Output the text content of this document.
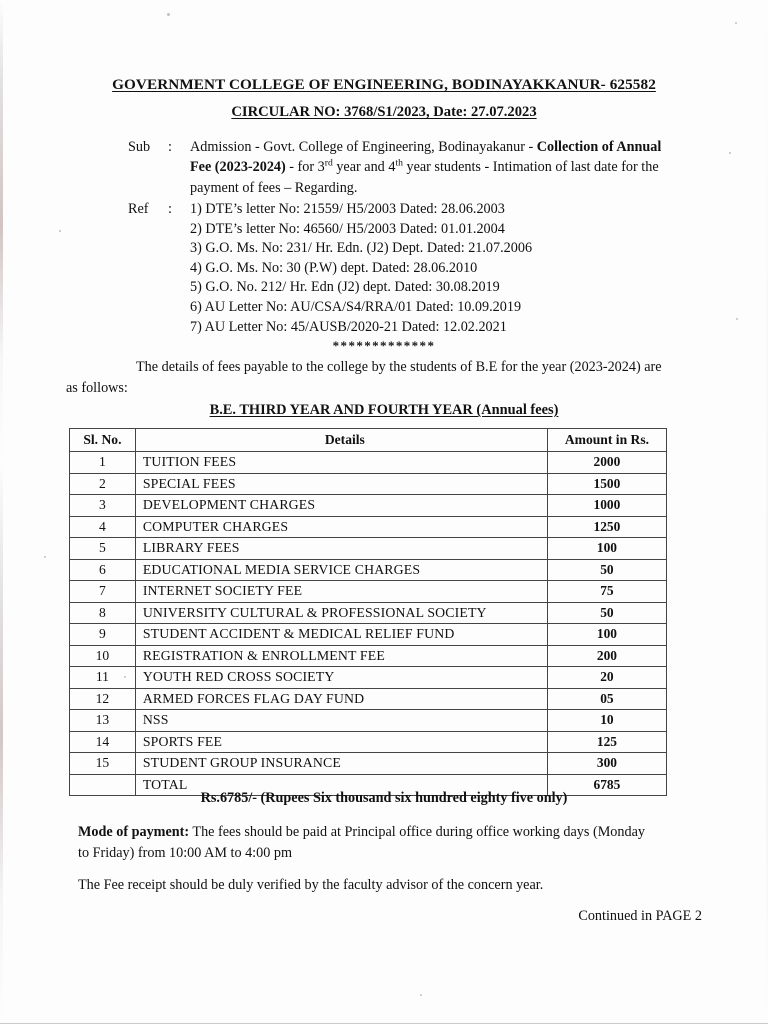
GOVERNMENT COLLEGE OF ENGINEERING, BODINAYAKKANUR- 625582
CIRCULAR NO: 3768/S1/2023, Date: 27.07.2023
Sub	:	Admission - Govt. College of Engineering, Bodinayakanur - Collection of Annual Fee (2023-2024) - for 3rd year and 4th year students - Intimation of last date for the payment of fees – Regarding.
Ref	:	1) DTE’s letter No: 21559/ H5/2003 Dated: 28.06.2003
2) DTE’s letter No: 46560/ H5/2003 Dated: 01.01.2004
3) G.O. Ms. No: 231/ Hr. Edn. (J2) Dept. Dated: 21.07.2006
4) G.O. Ms. No: 30 (P.W) dept. Dated: 28.06.2010
5) G.O. No. 212/ Hr. Edn (J2) dept. Dated: 30.08.2019
6) AU Letter No: AU/CSA/S4/RRA/01 Dated: 10.09.2019
7) AU Letter No: 45/AUSB/2020-21 Dated: 12.02.2021
*************
The details of fees payable to the college by the students of B.E for the year (2023-2024) are as follows:
B.E. THIRD YEAR AND FOURTH YEAR (Annual fees)
Sl. No.	Details	Amount in Rs.
1	TUITION FEES	2000
2	SPECIAL FEES	1500
3	DEVELOPMENT CHARGES	1000
4	COMPUTER CHARGES	1250
5	LIBRARY FEES	100
6	EDUCATIONAL MEDIA SERVICE CHARGES	50
7	INTERNET SOCIETY FEE	75
8	UNIVERSITY CULTURAL & PROFESSIONAL SOCIETY	50
9	STUDENT ACCIDENT & MEDICAL RELIEF FUND	100
10	REGISTRATION & ENROLLMENT FEE	200
11	YOUTH RED CROSS SOCIETY	20
12	ARMED FORCES FLAG DAY FUND	05
13	NSS	10
14	SPORTS FEE	125
15	STUDENT GROUP INSURANCE	300
	TOTAL	6785
Rs.6785/- (Rupees Six thousand six hundred eighty five only)
Mode of payment: The fees should be paid at Principal office during office working days (Monday to Friday) from 10:00 AM to 4:00 pm
The Fee receipt should be duly verified by the faculty advisor of the concern year.
Continued in PAGE 2
